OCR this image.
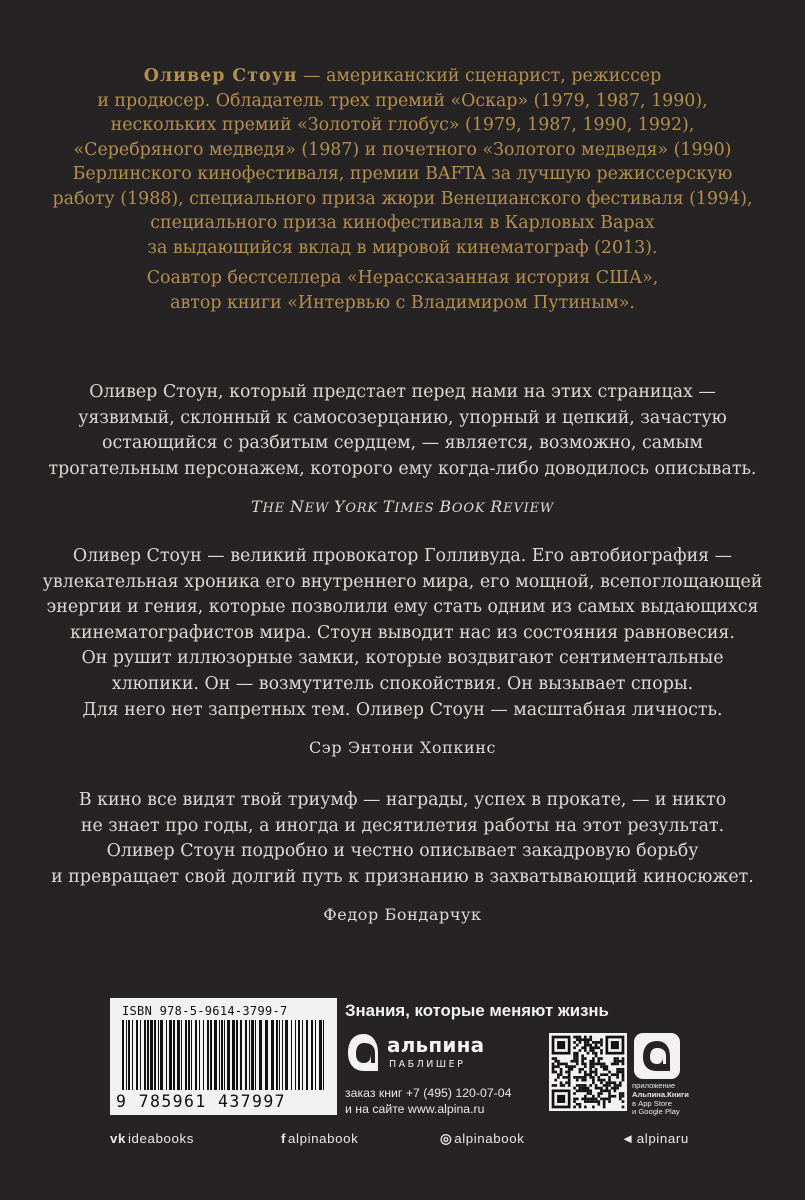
Оливер Стоун — американский сценарист, режиссер
и продюсер. Обладатель трех премий «Оскар» (1979, 1987, 1990),
нескольких премий «Золотой глобус» (1979, 1987, 1990, 1992),
«Серебряного медведя» (1987) и почетного «Золотого медведя» (1990)
Берлинского кинофестиваля, премии BAFTA за лучшую режиссерскую
работу (1988), специального приза жюри Венецианского фестиваля (1994),
специального приза кинофестиваля в Карловых Варах
за выдающийся вклад в мировой кинематограф (2013).

Соавтор бестселлера «Нерассказанная история США»,
автор книги «Интервью с Владимиром Путиным».

Оливер Стоун, который предстает перед нами на этих страницах —
уязвимый, склонный к самосозерцанию, упорный и цепкий, зачастую
остающийся с разбитым сердцем, — является, возможно, самым
трогательным персонажем, которого ему когда-либо доводилось описывать.
THE NEW YORK TIMES BOOK REVIEW
Оливер Стоун — великий провокатор Голливуда. Его автобиография —
увлекательная хроника его внутреннего мира, его мощной, всепоглощающей
энергии и гения, которые позволили ему стать одним из самых выдающихся
кинематографистов мира. Стоун выводит нас из состояния равновесия.
Он рушит иллюзорные замки, которые воздвигают сентиментальные
хлюпики. Он — возмутитель спокойствия. Он вызывает споры.
Для него нет запретных тем. Оливер Стоун — масштабная личность.
Сэр Энтони Хопкинс
В кино все видят твой триумф — награды, успех в прокате, — и никто
не знает про годы, а иногда и десятилетия работы на этот результат.
Оливер Стоун подробно и честно описывает закадровую борьбу
и превращает свой долгий путь к признанию в захватывающий киносюжет.
Федор Бондарчук
ISBN 978-5-9614-3799-7
9 785961 437997
Знания, которые меняют жизнь
альпина
ПАБЛИШЕР
заказ книг +7 (495) 120-07-04
и на сайте www.alpina.ru
приложение
Альпина.Книги
в App Store
и Google Play
vk ideabooks	f alpinabook	◎ alpinabook	◄ alpinaru
